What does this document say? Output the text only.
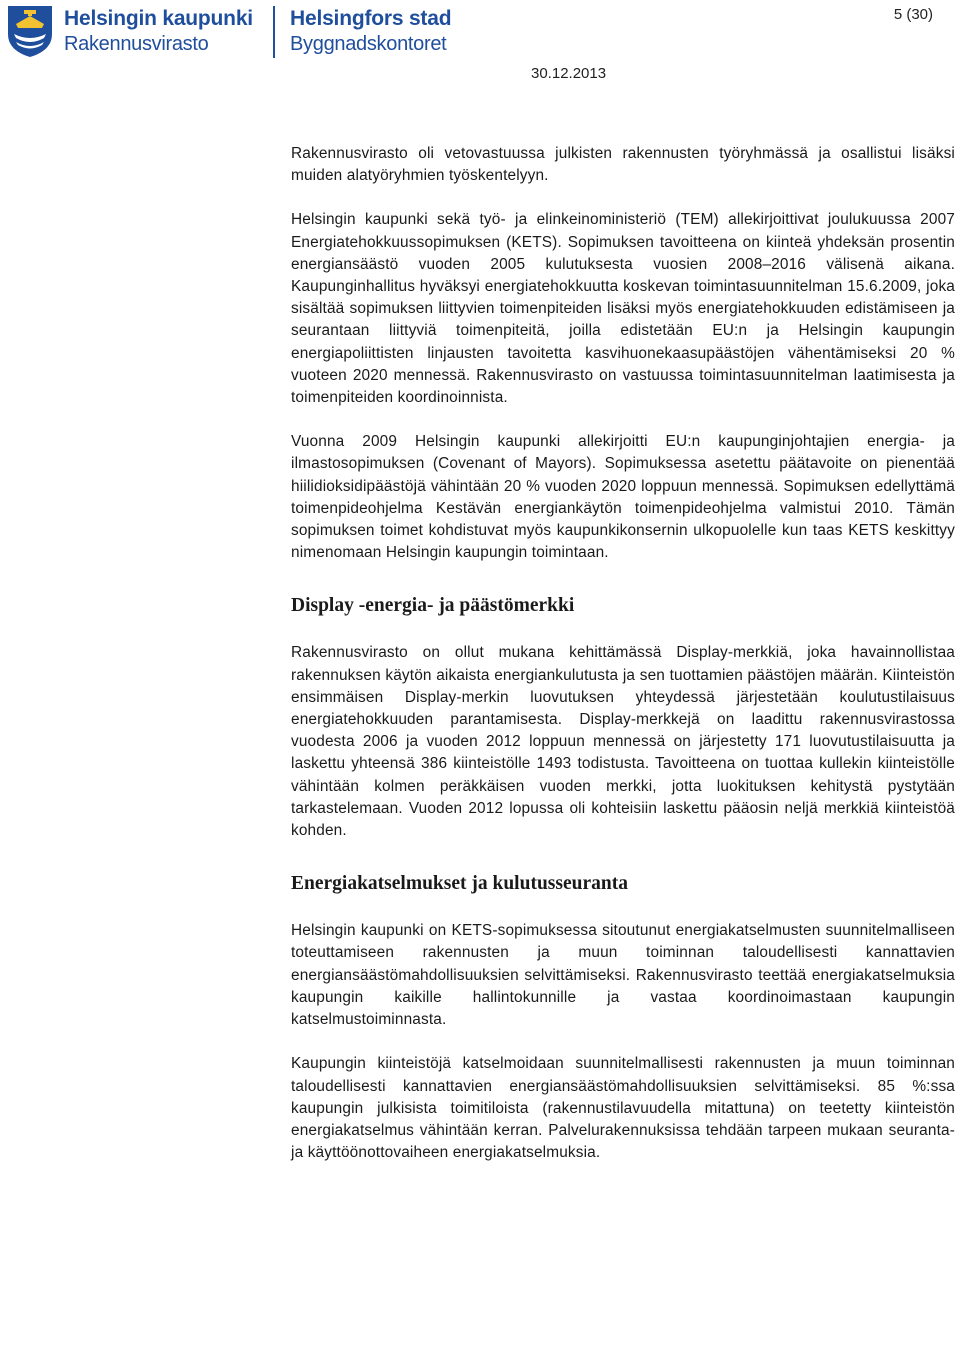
Helsingin kaupunki
Rakennusvirasto
Helsingfors stad
Byggnadskontoret
5 (30)
30.12.2013

Rakennusvirasto oli vetovastuussa julkisten rakennusten työryhmässä ja osallistui lisäksi muiden alatyöryhmien työskentelyyn.

Helsingin kaupunki sekä työ- ja elinkeinoministeriö (TEM) allekirjoittivat joulukuussa 2007 Energiatehokkuussopimuksen (KETS). Sopimuksen tavoitteena on kiinteä yhdeksän prosentin energiansäästö vuoden 2005 kulutuksesta vuosien 2008–2016 välisenä aikana. Kaupunginhallitus hyväksyi energiatehokkuutta koskevan toimintasuunnitelman 15.6.2009, joka sisältää sopimuksen liittyvien toimenpiteiden lisäksi myös energiatehokkuuden edistämiseen ja seurantaan liittyviä toimenpiteitä, joilla edistetään EU:n ja Helsingin kaupungin energiapoliittisten linjausten tavoitetta kasvihuonekaasupäästöjen vähentämiseksi 20 % vuoteen 2020 mennessä. Rakennusvirasto on vastuussa toimintasuunnitelman laatimisesta ja toimenpiteiden koordinoinnista.

Vuonna 2009 Helsingin kaupunki allekirjoitti EU:n kaupunginjohtajien energia- ja ilmastosopimuksen (Covenant of Mayors). Sopimuksessa asetettu päätavoite on pienentää hiilidioksidipäästöjä vähintään 20 % vuoden 2020 loppuun mennessä. Sopimuksen edellyttämä toimenpideohjelma Kestävän energiankäytön toimenpideohjelma valmistui 2010. Tämän sopimuksen toimet kohdistuvat myös kaupunkikonsernin ulkopuolelle kun taas KETS keskittyy nimenomaan Helsingin kaupungin toimintaan.

Display -energia- ja päästömerkki

Rakennusvirasto on ollut mukana kehittämässä Display-merkkiä, joka havainnollistaa rakennuksen käytön aikaista energiankulutusta ja sen tuottamien päästöjen määrän. Kiinteistön ensimmäisen Display-merkin luovutuksen yhteydessä järjestetään koulutustilaisuus energiatehokkuuden parantamisesta. Display-merkkejä on laadittu rakennusvirastossa vuodesta 2006 ja vuoden 2012 loppuun mennessä on järjestetty 171 luovutustilaisuutta ja laskettu yhteensä 386 kiinteistölle 1493 todistusta. Tavoitteena on tuottaa kullekin kiinteistölle vähintään kolmen peräkkäisen vuoden merkki, jotta luokituksen kehitystä pystytään tarkastelemaan. Vuoden 2012 lopussa oli kohteisiin laskettu pääosin neljä merkkiä kiinteistöä kohden.

Energiakatselmukset ja kulutusseuranta

Helsingin kaupunki on KETS-sopimuksessa sitoutunut energiakatselmusten suunnitelmalliseen toteuttamiseen rakennusten ja muun toiminnan taloudellisesti kannattavien energiansäästömahdollisuuksien selvittämiseksi. Rakennusvirasto teettää energiakatselmuksia kaupungin kaikille hallintokunnille ja vastaa koordinoimastaan kaupungin katselmustoiminnasta.

Kaupungin kiinteistöjä katselmoidaan suunnitelmallisesti rakennusten ja muun toiminnan taloudellisesti kannattavien energiansäästömahdollisuuksien selvittämiseksi. 85 %:ssa kaupungin julkisista toimitiloista (rakennustilavuudella mitattuna) on teetetty kiinteistön energiakatselmus vähintään kerran. Palvelurakennuksissa tehdään tarpeen mukaan seuranta- ja käyttöönottovaiheen energiakatselmuksia.
